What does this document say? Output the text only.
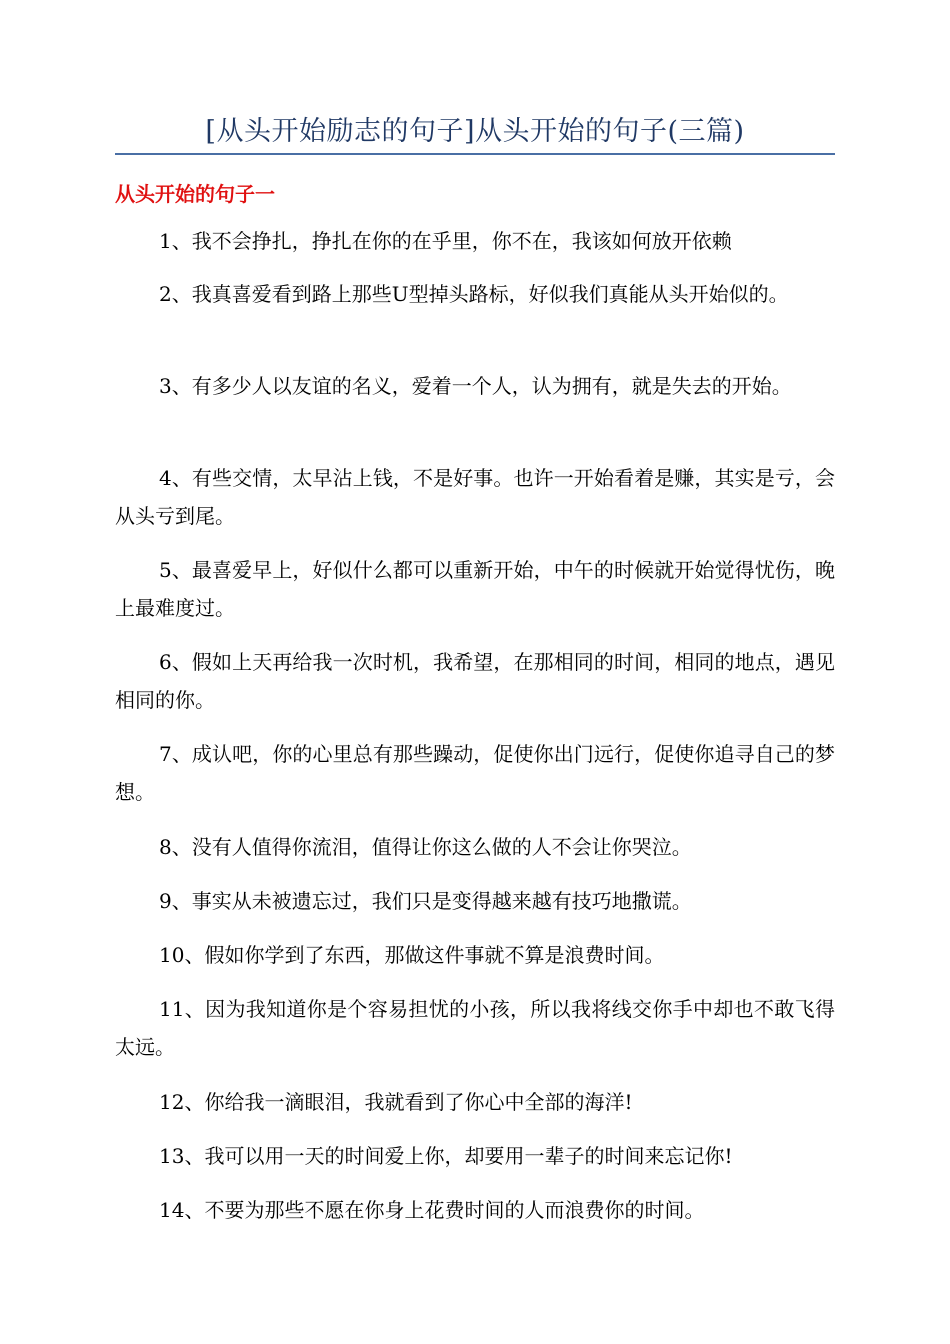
[从头开始励志的句子]从头开始的句子(三篇)
从头开始的句子一

1、我不会挣扎，挣扎在你的在乎里，你不在，我该如何放开依赖

2、我真喜爱看到路上那些U型掉头路标，好似我们真能从头开始似的。

3、有多少人以友谊的名义，爱着一个人，认为拥有，就是失去的开始。

4、有些交情，太早沾上钱，不是好事。也许一开始看着是赚，其实是亏，会从头亏到尾。

5、最喜爱早上，好似什么都可以重新开始，中午的时候就开始觉得忧伤，晚上最难度过。

6、假如上天再给我一次时机，我希望，在那相同的时间，相同的地点，遇见相同的你。

7、成认吧，你的心里总有那些躁动，促使你出门远行，促使你追寻自己的梦想。

8、没有人值得你流泪，值得让你这么做的人不会让你哭泣。

9、事实从未被遗忘过，我们只是变得越来越有技巧地撒谎。

10、假如你学到了东西，那做这件事就不算是浪费时间。

11、因为我知道你是个容易担忧的小孩，所以我将线交你手中却也不敢飞得太远。

12、你给我一滴眼泪，我就看到了你心中全部的海洋!

13、我可以用一天的时间爱上你，却要用一辈子的时间来忘记你!

14、不要为那些不愿在你身上花费时间的人而浪费你的时间。
